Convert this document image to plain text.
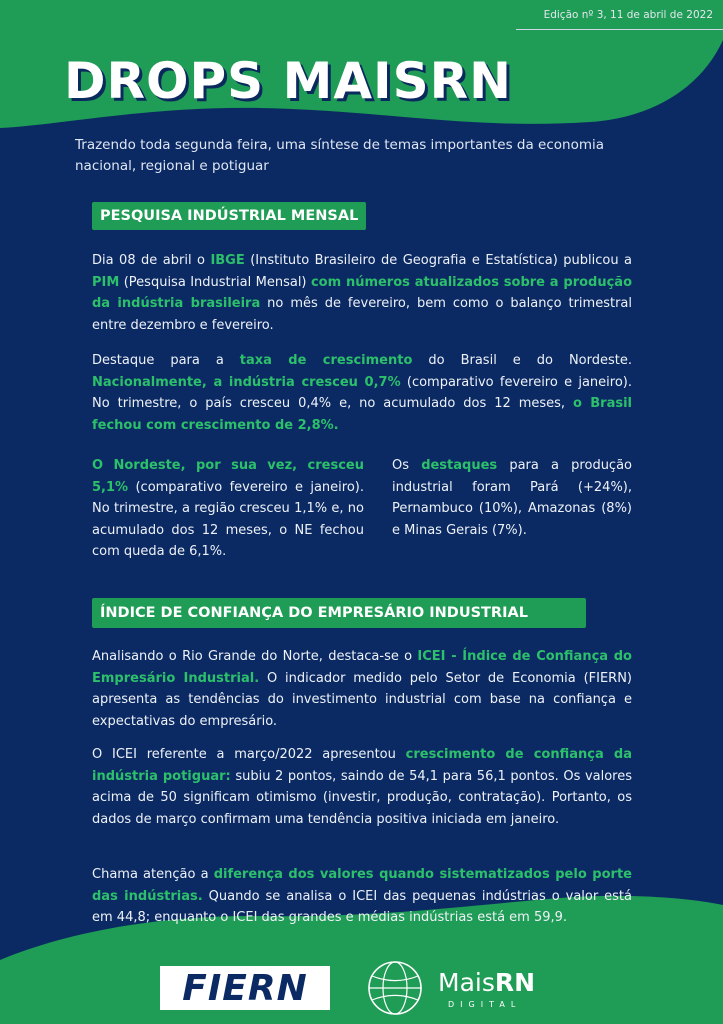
Edição nº 3, 11 de abril de 2022
DROPS MAISRN

Trazendo toda segunda feira, uma síntese de temas importantes da economia nacional, regional e potiguar

PESQUISA INDÚSTRIAL MENSAL

Dia 08 de abril o IBGE (Instituto Brasileiro de Geografia e Estatística) publicou a PIM (Pesquisa Industrial Mensal) com números atualizados sobre a produção da indústria brasileira no mês de fevereiro, bem como o balanço trimestral entre dezembro e fevereiro.

Destaque para a taxa de crescimento do Brasil e do Nordeste. Nacionalmente, a indústria cresceu 0,7% (comparativo fevereiro e janeiro). No trimestre, o país cresceu 0,4% e, no acumulado dos 12 meses, o Brasil fechou com crescimento de 2,8%.

O Nordeste, por sua vez, cresceu 5,1% (comparativo fevereiro e janeiro). No trimestre, a região cresceu 1,1% e, no acumulado dos 12 meses, o NE fechou com queda de 6,1%.

Os destaques para a produção industrial foram Pará (+24%), Pernambuco (10%), Amazonas (8%) e Minas Gerais (7%).

ÍNDICE DE CONFIANÇA DO EMPRESÁRIO INDUSTRIAL

Analisando o Rio Grande do Norte, destaca-se o ICEI - Índice de Confiança do Empresário Industrial. O indicador medido pelo Setor de Economia (FIERN) apresenta as tendências do investimento industrial com base na confiança e expectativas do empresário.

O ICEI referente a março/2022 apresentou crescimento de confiança da indústria potiguar: subiu 2 pontos, saindo de 54,1 para 56,1 pontos. Os valores acima de 50 significam otimismo (investir, produção, contratação). Portanto, os dados de março confirmam uma tendência positiva iniciada em janeiro.

Chama atenção a diferença dos valores quando sistematizados pelo porte das indústrias. Quando se analisa o ICEI das pequenas indústrias o valor está em 44,8; enquanto o ICEI das grandes e médias indústrias está em 59,9.

FIERN	MaisRN
DIGITAL
